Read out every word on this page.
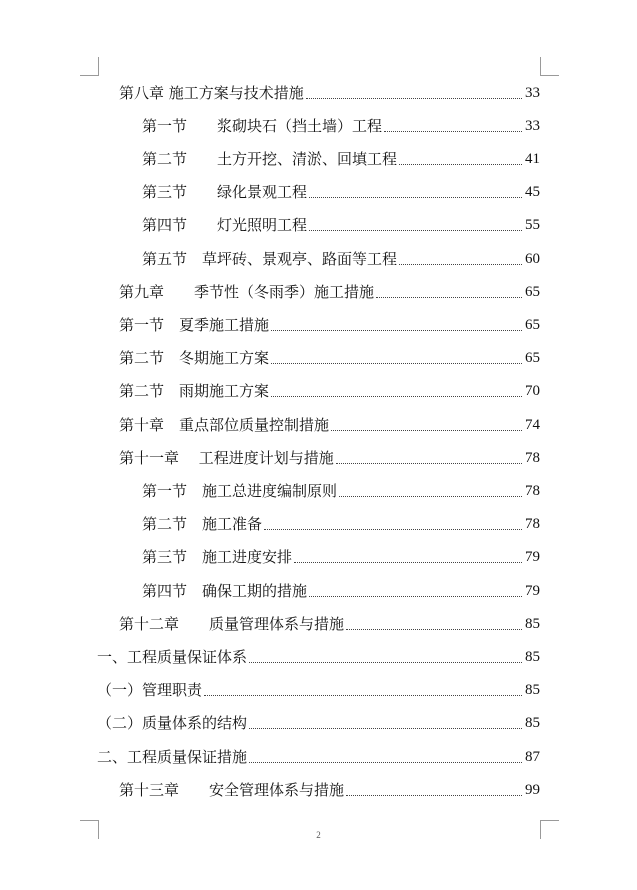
第八章 施工方案与技术措施	33
第一节　　浆砌块石（挡土墙）工程	33
第二节　　土方开挖、清淤、回填工程	41
第三节　　绿化景观工程	45
第四节　　灯光照明工程	55
第五节　草坪砖、景观亭、路面等工程	60
第九章　　季节性（冬雨季）施工措施	65
第一节　夏季施工措施	65
第二节　冬期施工方案	65
第二节　雨期施工方案	70
第十章　重点部位质量控制措施	74
第十一章　 工程进度计划与措施	78
第一节　施工总进度编制原则	78
第二节　施工准备	78
第三节　施工进度安排	79
第四节　确保工期的措施	79
第十二章　　质量管理体系与措施	85
一、工程质量保证体系	85
（一）管理职责	85
（二）质量体系的结构	85
二、工程质量保证措施	87
第十三章　　安全管理体系与措施	99
2
